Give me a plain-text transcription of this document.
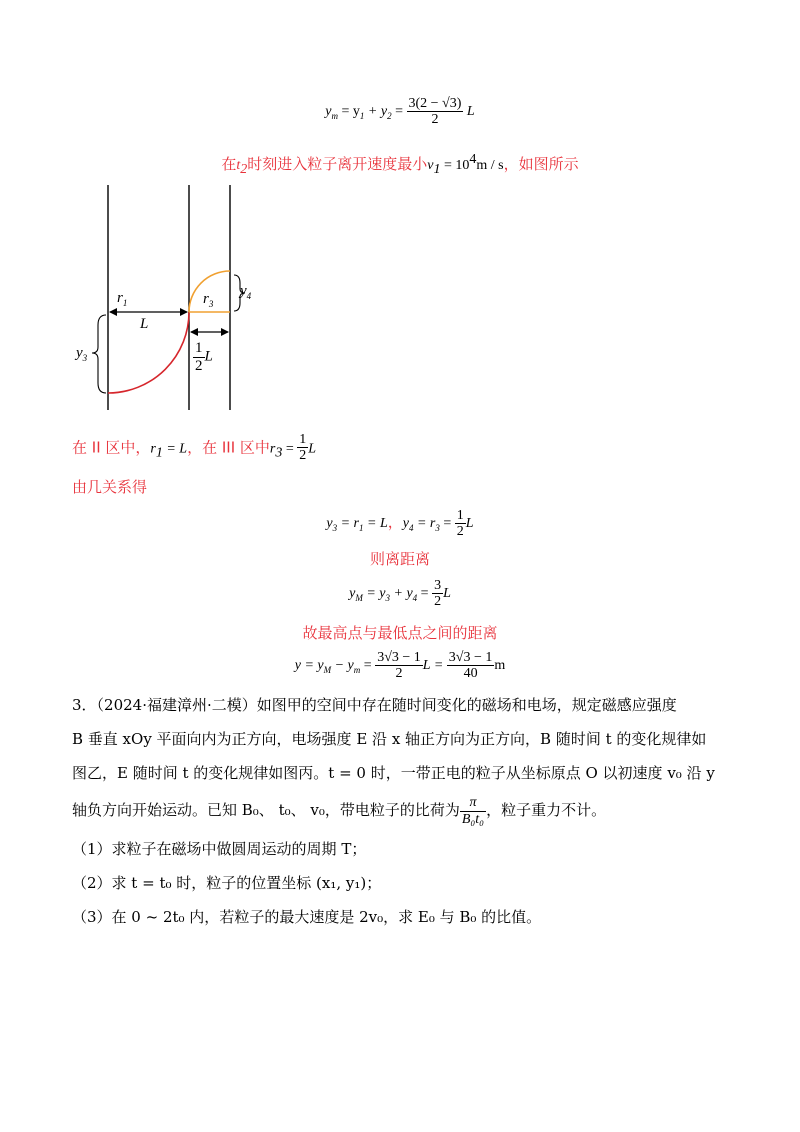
$y_m = y_1 + y_2 = \frac{3(2 - √3)}{2}$ L
在$t_2$时刻进入粒子离开速度最小$v_1 = 10^4m / s$，如图所示
$r_1$
L
$r_3$
$y_4$
$y_3$	$\frac{1}{2}$ L
在 II 区中，$r_1 = L$，在 III 区中$r_3 = \frac{1}{2}$ L
由几关系得
$y_3 = r_1 = L$，$y_4 = r_3 = \frac{1}{2}$ L
则离距离
$y_M = y_3 + y_4 = \frac{3}{2}$ L
故最高点与最低点之间的距离
$y = y_M - y_m = \frac{3√3 - 1}{2}$ $L = \frac{3√3 - 1}{40}$ m
3．（2024·福建漳州·二模）如图甲的空间中存在随时间变化的磁场和电场，规定磁感应强度
B 垂直 xOy 平面向内为正方向，电场强度 E 沿 x 轴正方向为正方向，B 随时间 t 的变化规律如
图乙，E 随时间 t 的变化规律如图丙。t = 0 时，一带正电的粒子从坐标原点 O 以初速度 v₀ 沿 y
轴负方向开始运动。已知 B₀、 t₀、 v₀，带电粒子的比荷为 $\frac{\pi}{\text{B₀t₀}}$ ，粒子重力不计。
（1）求粒子在磁场中做圆周运动的周期 T；
（2）求 t = t₀ 时，粒子的位置坐标 (x₁, y₁)；
（3）在 0 ~ 2t₀ 内，若粒子的最大速度是 2v₀，求 E₀ 与 B₀ 的比值。
